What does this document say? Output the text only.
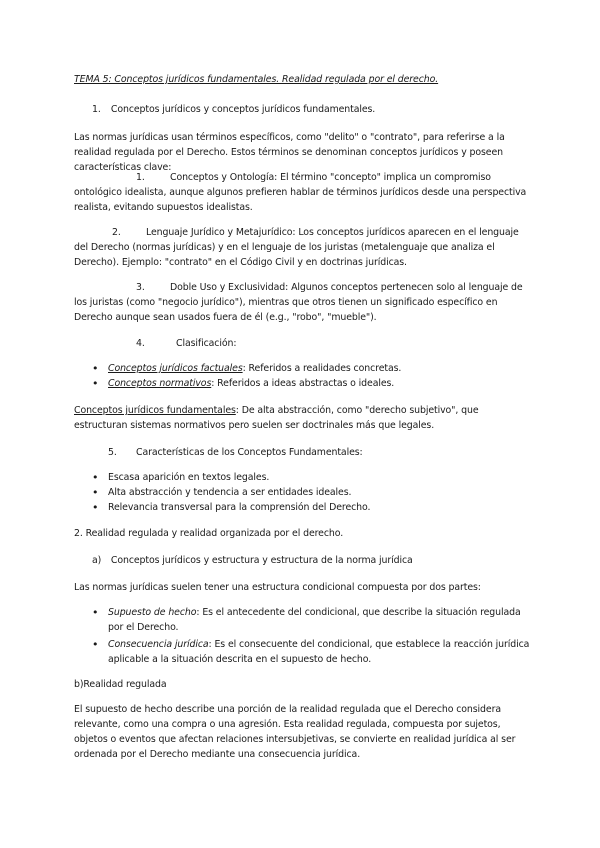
TEMA 5: Conceptos jurídicos fundamentales. Realidad regulada por el derecho.

1. Conceptos jurídicos y conceptos jurídicos fundamentales.

Las normas jurídicas usan términos específicos, como "delito" o "contrato", para referirse a la realidad regulada por el Derecho. Estos términos se denominan conceptos jurídicos y poseen características clave:

1.	Conceptos y Ontología: El término "concepto" implica un compromiso ontológico idealista, aunque algunos prefieren hablar de términos jurídicos desde una perspectiva realista, evitando supuestos idealistas.

2.	Lenguaje Jurídico y Metajurídico: Los conceptos jurídicos aparecen en el lenguaje del Derecho (normas jurídicas) y en el lenguaje de los juristas (metalenguaje que analiza el Derecho). Ejemplo: "contrato" en el Código Civil y en doctrinas jurídicas.

3.	Doble Uso y Exclusividad: Algunos conceptos pertenecen solo al lenguaje de los juristas (como "negocio jurídico"), mientras que otros tienen un significado específico en Derecho aunque sean usados fuera de él (e.g., "robo", "mueble").

4.	Clasificación:

• Conceptos jurídicos factuales: Referidos a realidades concretas.
• Conceptos normativos: Referidos a ideas abstractas o ideales.

Conceptos jurídicos fundamentales: De alta abstracción, como "derecho subjetivo", que estructuran sistemas normativos pero suelen ser doctrinales más que legales.

5. Características de los Conceptos Fundamentales:

• Escasa aparición en textos legales.
• Alta abstracción y tendencia a ser entidades ideales.
• Relevancia transversal para la comprensión del Derecho.

2. Realidad regulada y realidad organizada por el derecho.

a) Conceptos jurídicos y estructura y estructura de la norma jurídica

Las normas jurídicas suelen tener una estructura condicional compuesta por dos partes:

• Supuesto de hecho: Es el antecedente del condicional, que describe la situación regulada por el Derecho.
• Consecuencia jurídica: Es el consecuente del condicional, que establece la reacción jurídica aplicable a la situación descrita en el supuesto de hecho.

b)Realidad regulada

El supuesto de hecho describe una porción de la realidad regulada que el Derecho considera relevante, como una compra o una agresión. Esta realidad regulada, compuesta por sujetos, objetos o eventos que afectan relaciones intersubjetivas, se convierte en realidad jurídica al ser ordenada por el Derecho mediante una consecuencia jurídica.
